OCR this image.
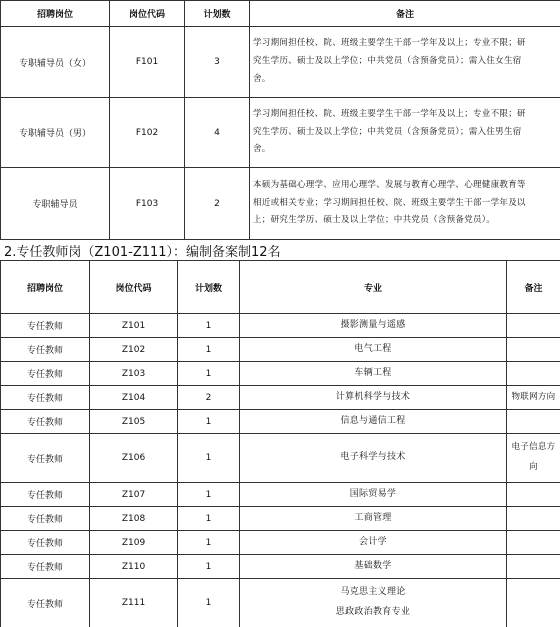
招聘岗位	岗位代码	计划数	备注
专职辅导员（女）	F101	3	学习期间担任校、院、班级主要学生干部一学年及以上；专业不限；研
究生学历、硕士及以上学位；中共党员（含预备党员）；需入住女生宿
舍。
专职辅导员（男）	F102	4	学习期间担任校、院、班级主要学生干部一学年及以上；专业不限；研
究生学历、硕士及以上学位；中共党员（含预备党员）；需入住男生宿
舍。
专职辅导员	F103	2	本硕为基础心理学、应用心理学、发展与教育心理学、心理健康教育等
相近或相关专业；学习期间担任校、院、班级主要学生干部一学年及以
上；研究生学历、硕士及以上学位；中共党员（含预备党员）。
2.专任教师岗（Z101-Z111）：编制备案制12名
招聘岗位	岗位代码	计划数	专业	备注
专任教师	Z101	1	摄影测量与遥感	
专任教师	Z102	1	电气工程	
专任教师	Z103	1	车辆工程	
专任教师	Z104	2	计算机科学与技术	物联网方向
专任教师	Z105	1	信息与通信工程	
专任教师	Z106	1	电子科学与技术	电子信息方
向
专任教师	Z107	1	国际贸易学	
专任教师	Z108	1	工商管理	
专任教师	Z109	1	会计学	
专任教师	Z110	1	基础数学	
专任教师	Z111	1	马克思主义理论
思政政治教育专业	
